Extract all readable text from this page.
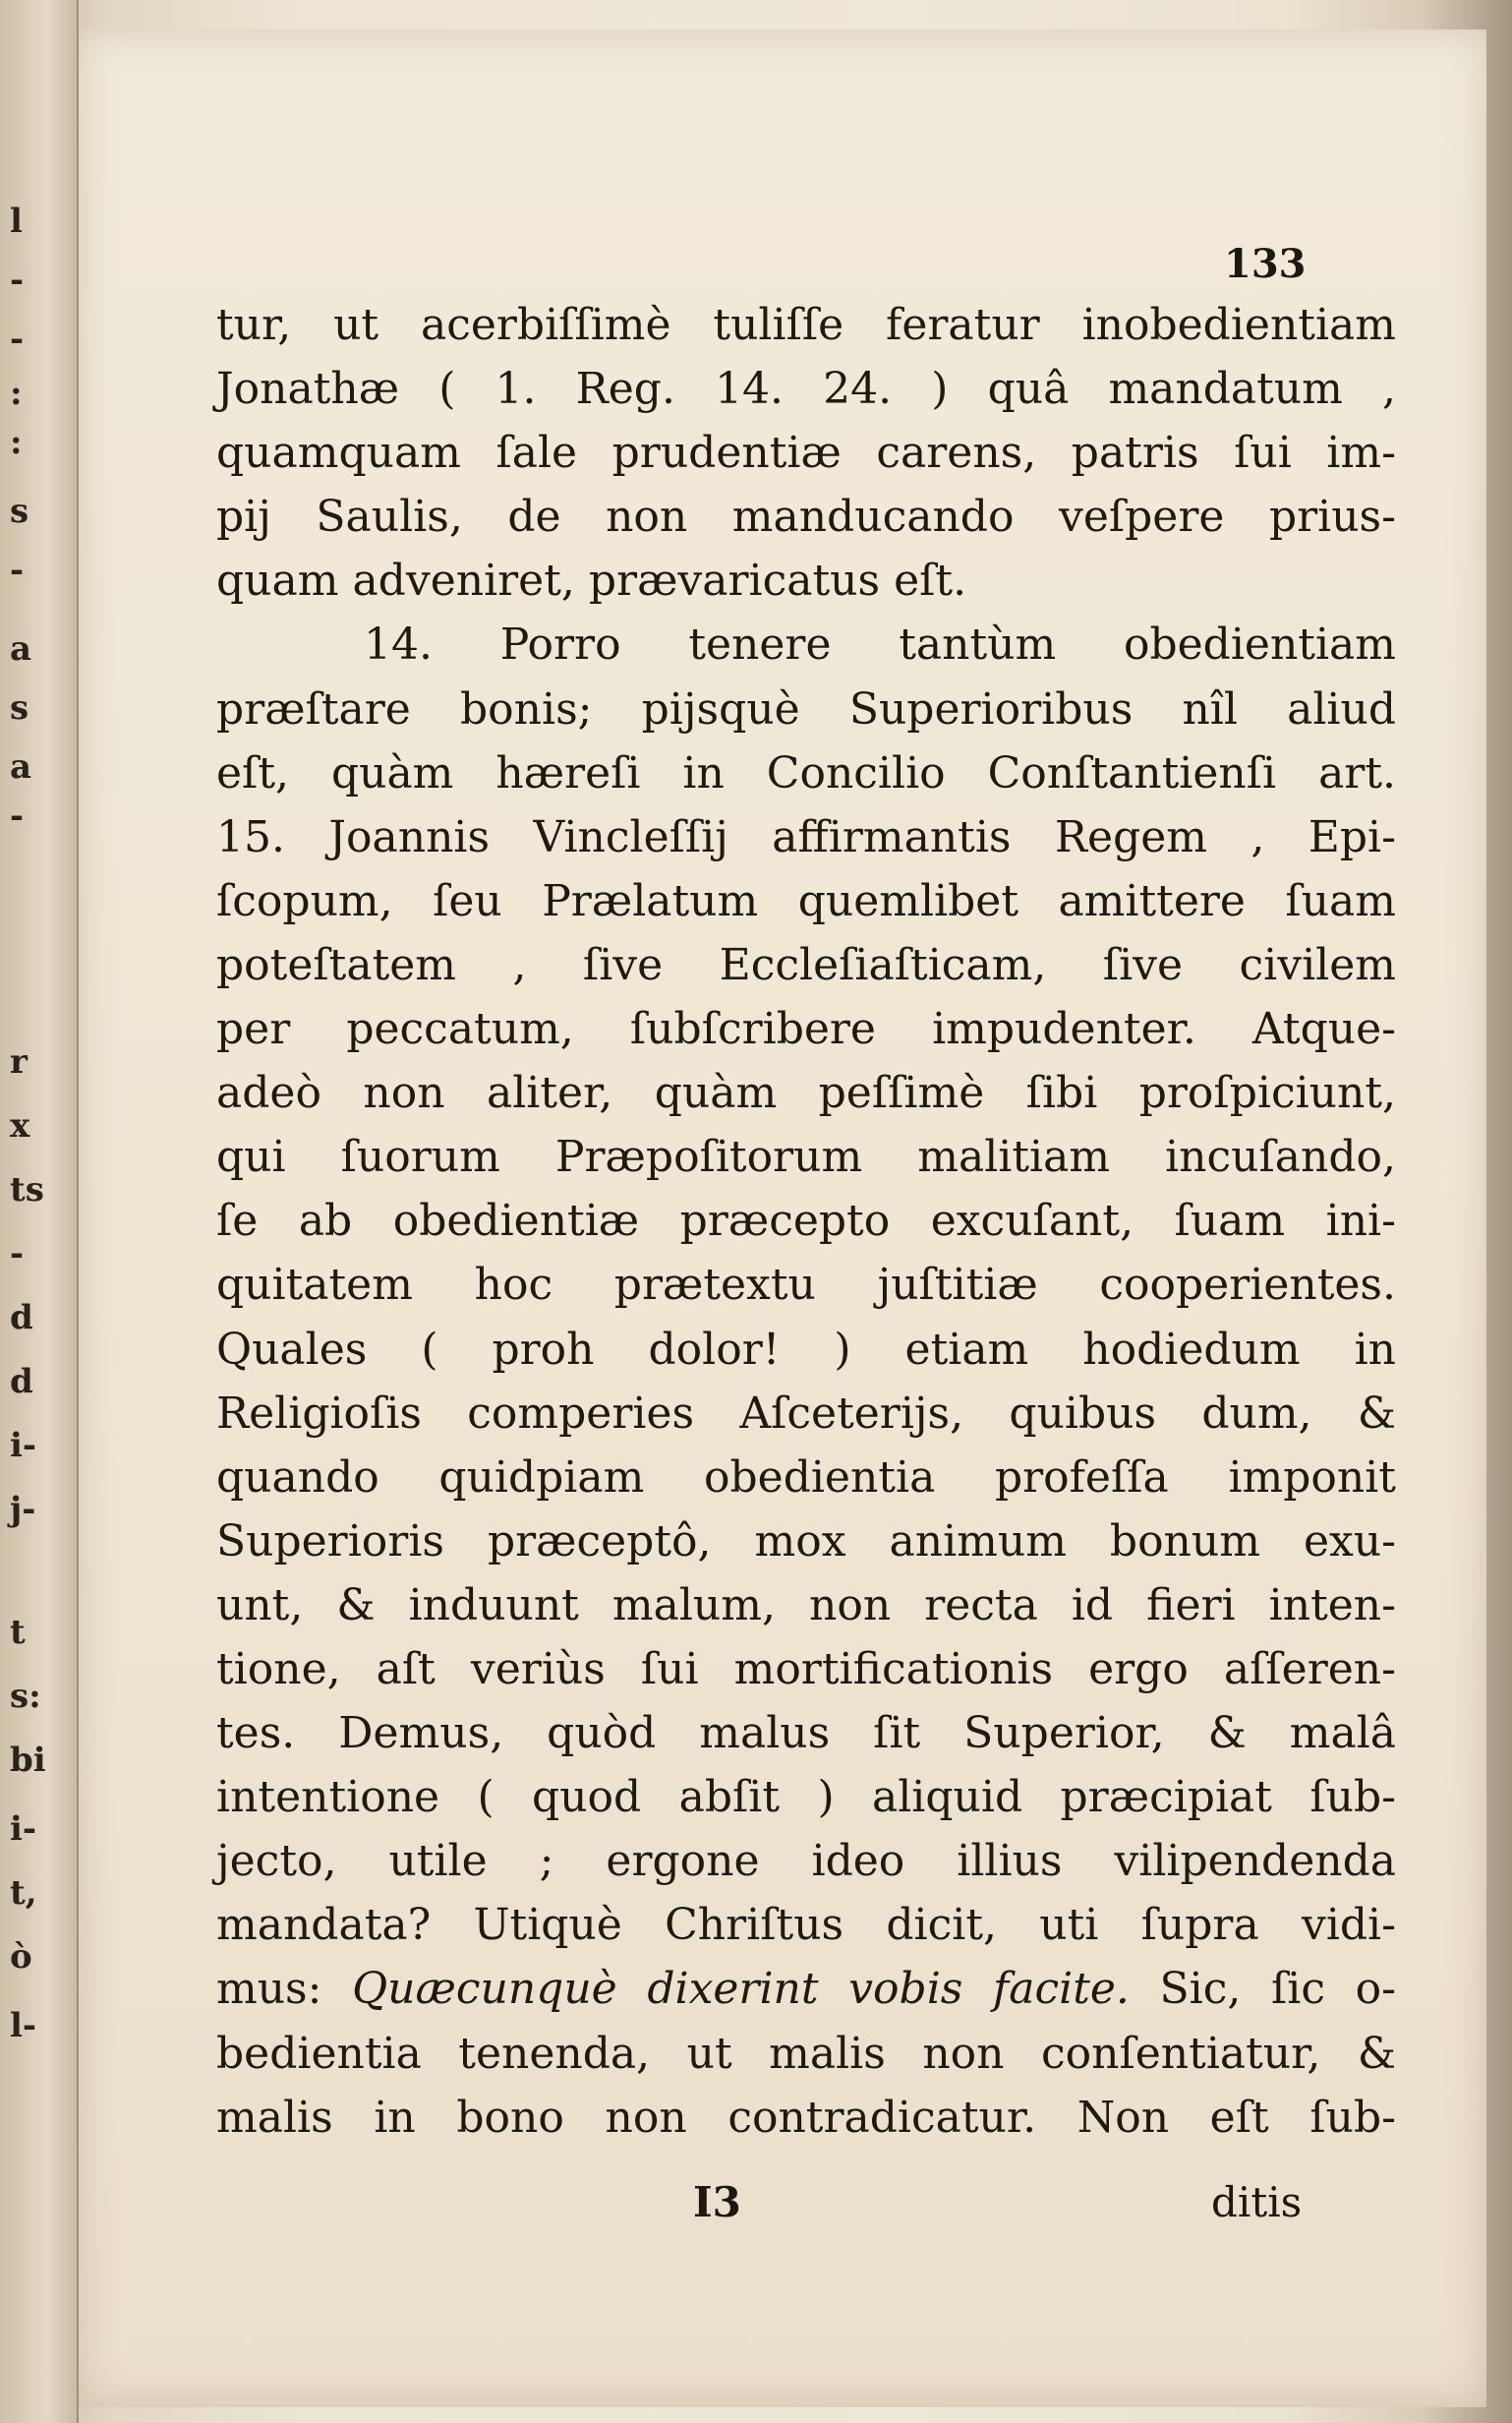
l
-
-
:
:
s
-
a
s
a
-
r
x
ts
-
d
d
i-
j-
t
s:
bi
i-
t,
ò
l-
133
tur, ut acerbiſſimè tuliſſe feratur inobedientiam
Jonathæ ( 1. Reg. 14. 24. ) quâ mandatum ,
quamquam ſale prudentiæ carens, patris ſui im-
pij Saulis, de non manducando veſpere prius-
quam adveniret, prævaricatus eſt.
14. Porro tenere tantùm obedientiam
præſtare bonis; pijsquè Superioribus nîl aliud
eſt, quàm hæreſi in Concilio Conſtantienſi art.
15. Joannis Vincleſſij affirmantis Regem , Epi-
ſcopum, ſeu Prælatum quemlibet amittere ſuam
poteſtatem , ſive Eccleſiaſticam, ſive civilem
per peccatum, ſubſcribere impudenter. Atque-
adeò non aliter, quàm peſſimè ſibi proſpiciunt,
qui ſuorum Præpoſitorum malitiam incuſando,
ſe ab obedientiæ præcepto excuſant, ſuam ini-
quitatem hoc prætextu juſtitiæ cooperientes.
Quales ( proh dolor! ) etiam hodiedum in
Religioſis comperies Aſceterijs, quibus dum, &
quando quidpiam obedientia profeſſa imponit
Superioris præceptô, mox animum bonum exu-
unt, & induunt malum, non recta id fieri inten-
tione, aſt veriùs ſui mortificationis ergo aſſeren-
tes. Demus, quòd malus ſit Superior, & malâ
intentione ( quod abſit ) aliquid præcipiat ſub-
jecto, utile ; ergone ideo illius vilipendenda
mandata? Utiquè Chriſtus dicit, uti ſupra vidi-
mus: Quæcunquè dixerint vobis facite. Sic, ſic o-
bedientia tenenda, ut malis non conſentiatur, &
malis in bono non contradicatur. Non eſt ſub-
I3	ditis
